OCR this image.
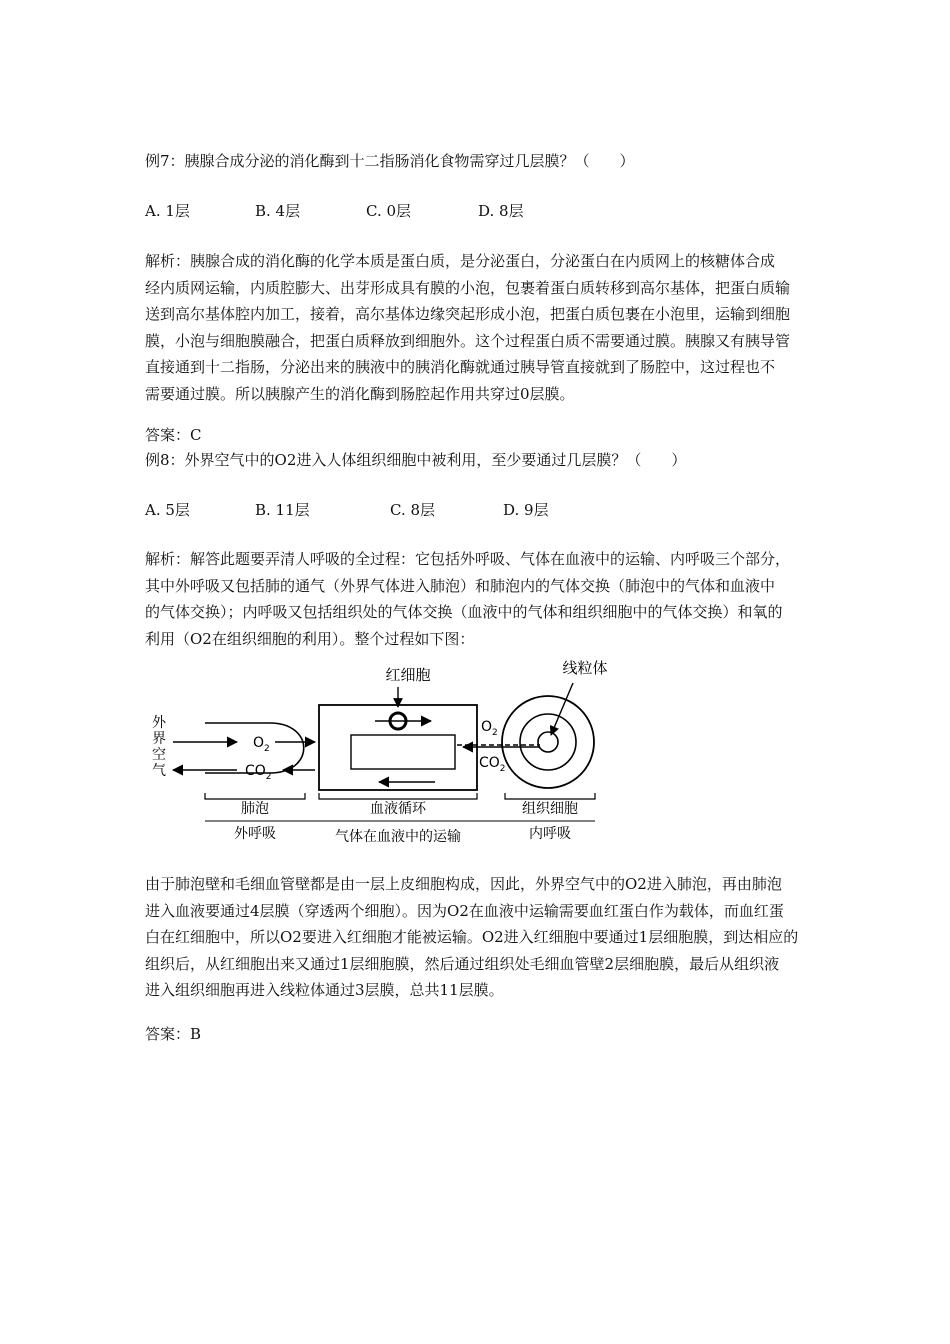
例7：胰腺合成分泌的消化酶到十二指肠消化食物需穿过几层膜？（　　）
A. 1层	B. 4层	C. 0层	D. 8层
解析：胰腺合成的消化酶的化学本质是蛋白质，是分泌蛋白，分泌蛋白在内质网上的核糖体合成
经内质网运输，内质腔膨大、出芽形成具有膜的小泡，包裹着蛋白质转移到高尔基体，把蛋白质输
送到高尔基体腔内加工，接着，高尔基体边缘突起形成小泡，把蛋白质包裹在小泡里，运输到细胞
膜，小泡与细胞膜融合，把蛋白质释放到细胞外。这个过程蛋白质不需要通过膜。胰腺又有胰导管
直接通到十二指肠，分泌出来的胰液中的胰消化酶就通过胰导管直接就到了肠腔中，这过程也不
需要通过膜。所以胰腺产生的消化酶到肠腔起作用共穿过0层膜。
答案：C
例8：外界空气中的O2进入人体组织细胞中被利用，至少要通过几层膜？（　　）
A. 5层	B. 11层	C. 8层	D. 9层
解析：解答此题要弄清人呼吸的全过程：它包括外呼吸、气体在血液中的运输、内呼吸三个部分，
其中外呼吸又包括肺的通气（外界气体进入肺泡）和肺泡内的气体交换（肺泡中的气体和血液中
的气体交换）；内呼吸又包括组织处的气体交换（血液中的气体和组织细胞中的气体交换）和氧的
利用（O2在组织细胞的利用）。整个过程如下图：
外
界
空
气
$O_2$
$CO_2$
红细胞
$O_2$
$CO_2$
线粒体
肺泡	血液循环	组织细胞
外呼吸	气体在血液中的运输	内呼吸
由于肺泡壁和毛细血管壁都是由一层上皮细胞构成，因此，外界空气中的O2进入肺泡，再由肺泡
进入血液要通过4层膜（穿透两个细胞）。因为O2在血液中运输需要血红蛋白作为载体，而血红蛋
白在红细胞中，所以O2要进入红细胞才能被运输。O2进入红细胞中要通过1层细胞膜，到达相应的
组织后，从红细胞出来又通过1层细胞膜，然后通过组织处毛细血管壁2层细胞膜，最后从组织液
进入组织细胞再进入线粒体通过3层膜，总共11层膜。
答案：B
